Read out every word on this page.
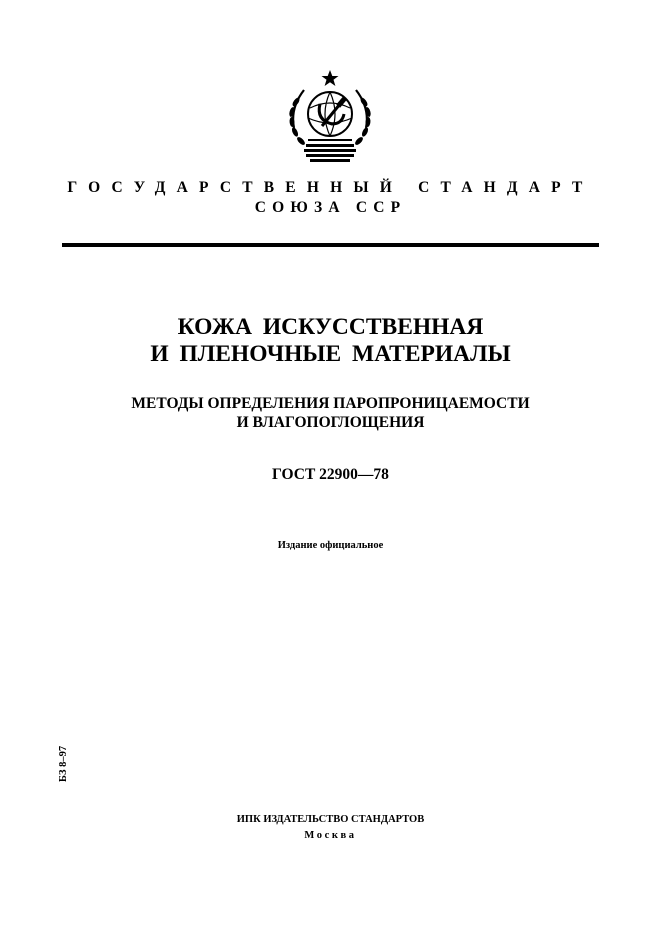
ГОСУДАРСТВЕННЫЙ СТАНДАРТ
СОЮЗА ССР
КОЖА ИСКУССТВЕННАЯ
И ПЛЕНОЧНЫЕ МАТЕРИАЛЫ
МЕТОДЫ ОПРЕДЕЛЕНИЯ ПАРОПРОНИЦАЕМОСТИ
И ВЛАГОПОГЛОЩЕНИЯ
ГОСТ 22900—78
Издание официальное
БЗ 8–97
ИПК ИЗДАТЕЛЬСТВО СТАНДАРТОВ
Москва
